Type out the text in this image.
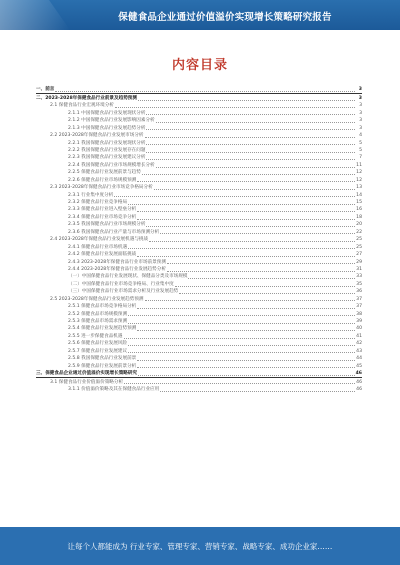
保健食品企业通过价值溢价实现增长策略研究报告
内容目录
一、前言	3
二、2023-2028年保健食品行业前景及趋势预测	3
2.1 保健食品行业宏观环境分析	3
2.1.1 中国保健食品行业发展现状分析	3
2.1.2 中国保健食品行业发展影响因素分析	3
2.1.3 中国保健食品行业发展趋势分析	3
2.2 2023-2028年保健食品行业发展市场分析	4
2.2.1 我国保健食品行业发展现状分析	5
2.2.2 我国保健食品行业发展存在问题	5
2.2.3 我国保健食品行业发展建议分析	7
2.2.4 我国保健食品行业市场规模增长分析	11
2.2.5 保健食品行业发展前景与趋势	12
2.2.6 保健食品行业市场规模预测	12
2.3 2023-2028年保健食品行业市场竞争格局分析	13
2.3.1 行业集中度分析	14
2.3.2 保健食品行业竞争格局	15
2.3.3 保健食品行业进入壁垒分析	16
2.3.4 保健食品行业市场竞争分析	18
2.3.5 我国保健食品行业市场规模分析	20
2.3.6 我国保健食品行业产量与市场预测分析	22
2.4 2023-2028年保健食品行业发展机遇与挑战	25
2.4.1 保健食品行业市场机遇	25
2.4.2 保健食品行业发展面临挑战	27
2.4.3 2023-2028年保健食品行业市场前景预测	29
2.4.4 2023-2028年保健食品行业发展趋势分析	31
（一）中国保健食品行业发展现状、保健品分类及市场规模	33
（二）中国保健食品行业市场竞争格局、行业集中度	35
（三）中国保健食品行业市场需求分析及行业发展趋势	36
2.5 2023-2028年保健食品行业发展趋势预测	37
2.5.1 保健食品市场竞争格局分析	37
2.5.2 保健食品市场规模预测	38
2.5.3 保健食品市场需求预测	39
2.5.4 保健食品行业发展趋势预测	40
2.5.5 进一步保健食品机遇	41
2.5.6 保健食品行业发展风险	42
2.5.7 保健食品行业发展建议	43
2.5.8 我国保健食品行业发展前景	44
2.5.9 保健食品行业发展前景分析	45
三、保健食品企业通过价值溢价实现增长策略研究	46
3.1 保健食品行业价值溢价策略分析	46
3.1.1 价值溢价策略及其在保健食品行业应用	46
让每个人都能成为 行业专家、管理专家、营销专家、战略专家、成功企业家……
